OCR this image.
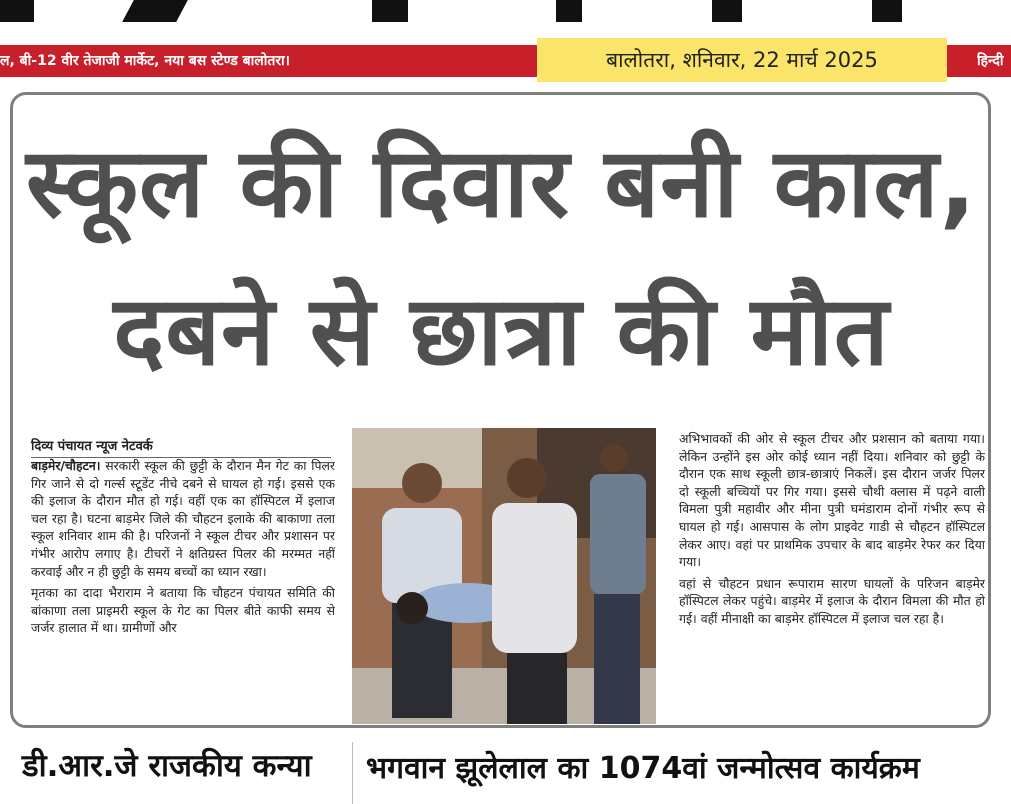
ल, बी-12 वीर तेजाजी मार्केट, नया बस स्टेण्ड बालोतरा।	हिन्दी
बालोतरा, शनिवार, 22 मार्च 2025
स्कूल की दिवार बनी काल,
दबने से छात्रा की मौत
दिव्य पंचायत न्यूज नेटवर्क

बाड़मेर/चौहटन। सरकारी स्कूल की छुट्टी के दौरान मैन गेट का पिलर गिर जाने से दो गर्ल्स स्टूडेंट नीचे दबने से घायल हो गई। इससे एक की इलाज के दौरान मौत हो गई। वहीं एक का हॉस्पिटल में इलाज चल रहा है। घटना बाड़मेर जिले की चौहटन इलाके की बाकाणा तला स्कूल शनिवार शाम की है। परिजनों ने स्कूल टीचर और प्रशासन पर गंभीर आरोप लगाए है। टीचरों ने क्षतिग्रस्त पिलर की मरम्मत नहीं करवाई और न ही छुट्टी के समय बच्चों का ध्यान रखा।

मृतका का दादा भैराराम ने बताया कि चौहटन पंचायत समिति की बांकाणा तला प्राइमरी स्कूल के गेट का पिलर बीते काफी समय से जर्जर हालात में था। ग्रामीणों और

अभिभावकों की ओर से स्कूल टीचर और प्रशसान को बताया गया। लेकिन उन्होंने इस ओर कोई ध्यान नहीं दिया। शनिवार को छुट्टी के दौरान एक साथ स्कूली छात्र-छात्राएं निकलें। इस दौरान जर्जर पिलर दो स्कूली बच्चियों पर गिर गया। इससे चौथी क्लास में पढ़ने वाली विमला पुत्री महावीर और मीना पुत्री घमंडाराम दोनों गंभीर रूप से घायल हो गई। आसपास के लोग प्राइवेट गाडी से चौहटन हॉस्पिटल लेकर आए। वहां पर प्राथमिक उपचार के बाद बाड़मेर रेफर कर दिया गया।

वहां से चौहटन प्रधान रूपाराम सारण घायलों के परिजन बाड़मेर हॉस्पिटल लेकर पहुंचे। बाड़मेर में इलाज के दौरान विमला की मौत हो गई। वहीं मीनाक्षी का बाड़मेर हॉस्पिटल में इलाज चल रहा है।

डी.आर.जे राजकीय कन्या भगवान झूलेलाल का 1074वां जन्मोत्सव कार्यक्रम
